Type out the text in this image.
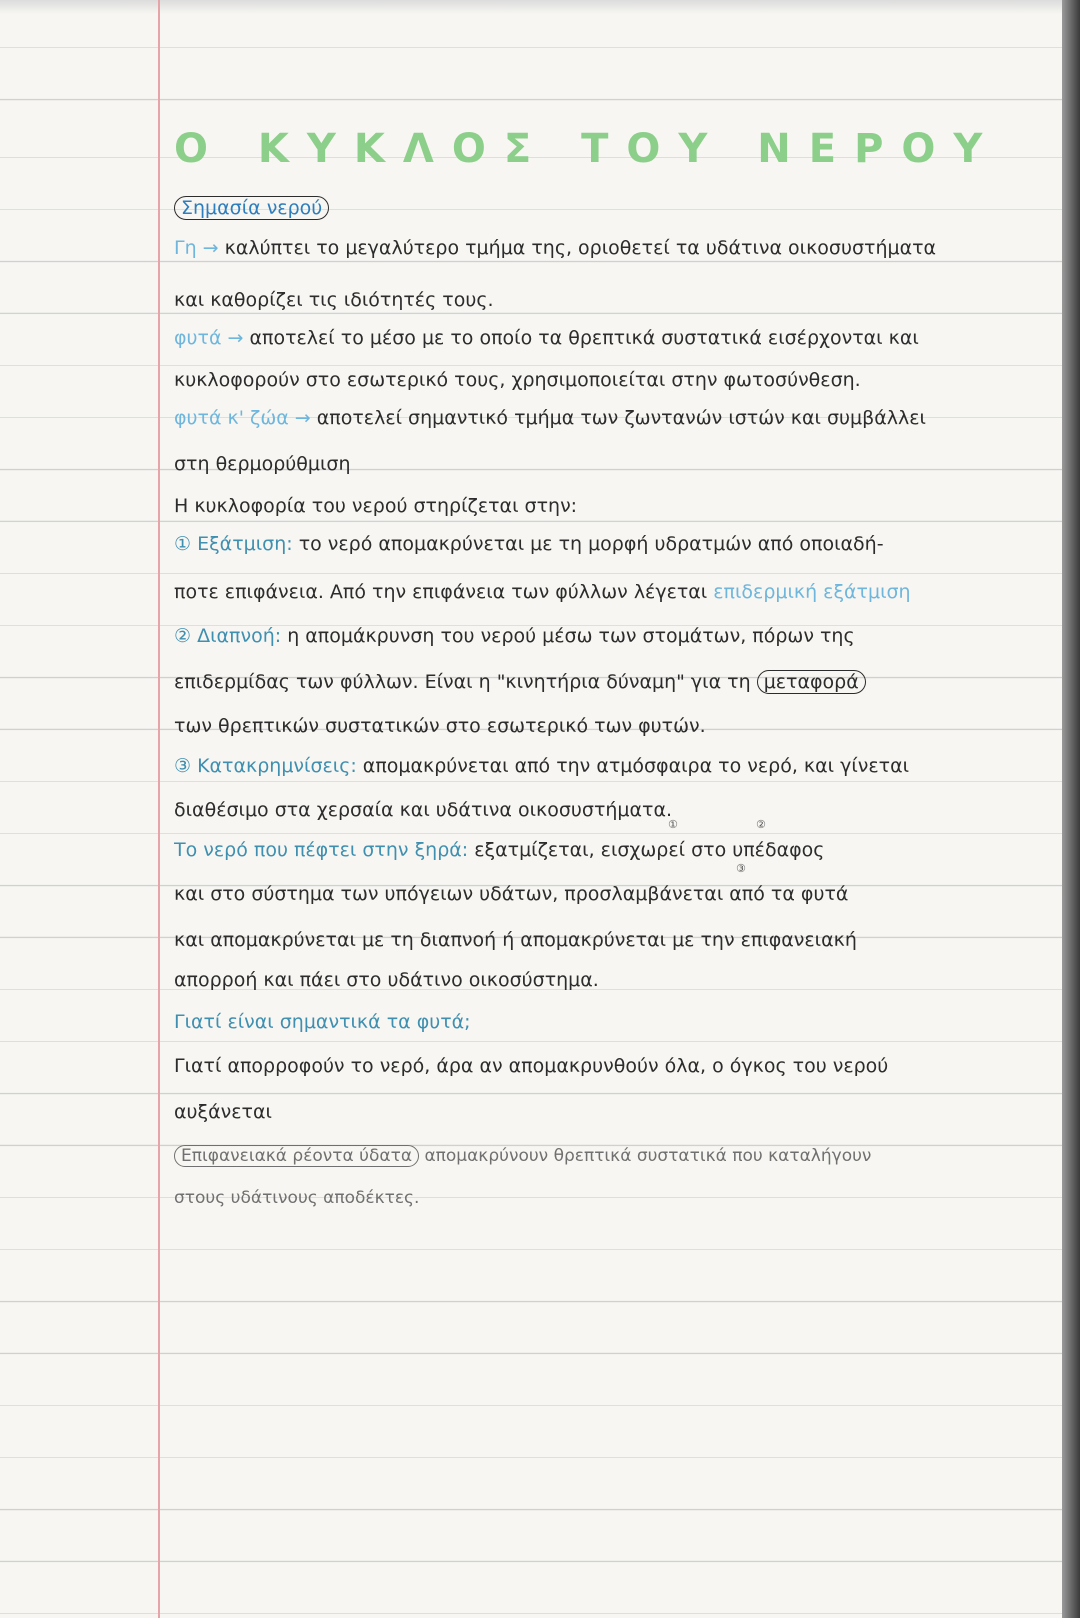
Ο ΚΥΚΛΟΣ ΤΟΥ ΝΕΡΟΥ
Σημασία νερού
Γη → καλύπτει το μεγαλύτερο τμήμα της, οριοθετεί τα υδάτινα οικοσυστήματα
και καθορίζει τις ιδιότητές τους.
φυτά → αποτελεί το μέσο με το οποίο τα θρεπτικά συστατικά εισέρχονται και
κυκλοφορούν στο εσωτερικό τους, χρησιμοποιείται στην φωτοσύνθεση.
φυτά κ' ζώα → αποτελεί σημαντικό τμήμα των ζωντανών ιστών και συμβάλλει
στη θερμορύθμιση
Η κυκλοφορία του νερού στηρίζεται στην:
① Εξάτμιση: το νερό απομακρύνεται με τη μορφή υδρατμών από οποιαδή-
ποτε επιφάνεια. Από την επιφάνεια των φύλλων λέγεται επιδερμική εξάτμιση
② Διαπνοή: η απομάκρυνση του νερού μέσω των στομάτων, πόρων της
επιδερμίδας των φύλλων. Είναι η "κινητήρια δύναμη" για τη μεταφορά
των θρεπτικών συστατικών στο εσωτερικό των φυτών.
③ Κατακρημνίσεις: απομακρύνεται από την ατμόσφαιρα το νερό, και γίνεται
διαθέσιμο στα χερσαία και υδάτινα οικοσυστήματα.
①	②
③
Το νερό που πέφτει στην ξηρά: εξατμίζεται, εισχωρεί στο υπέδαφος
και στο σύστημα των υπόγειων υδάτων, προσλαμβάνεται από τα φυτά
και απομακρύνεται με τη διαπνοή ή απομακρύνεται με την επιφανειακή
απορροή και πάει στο υδάτινο οικοσύστημα.
Γιατί είναι σημαντικά τα φυτά;
Γιατί απορροφούν το νερό, άρα αν απομακρυνθούν όλα, ο όγκος του νερού
αυξάνεται
Επιφανειακά ρέοντα ύδατα απομακρύνουν θρεπτικά συστατικά που καταλήγουν
στους υδάτινους αποδέκτες.
